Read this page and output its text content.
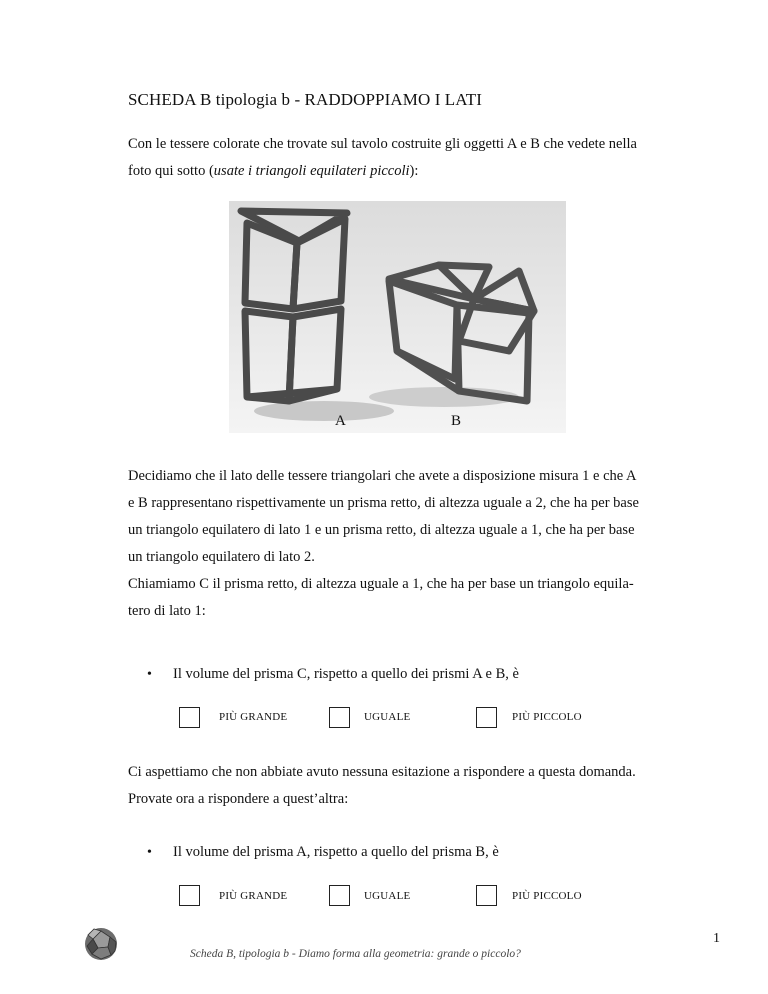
SCHEDA B tipologia b - RADDOPPIAMO I LATI
Con le tessere colorate che trovate sul tavolo costruite gli oggetti A e B che vedete nella
foto qui sotto (usate i triangoli equilateri piccoli):
A	B
Decidiamo che il lato delle tessere triangolari che avete a disposizione misura 1 e che A
e B rappresentano rispettivamente un prisma retto, di altezza uguale a 2, che ha per base
un triangolo equilatero di lato 1 e un prisma retto, di altezza uguale a 1, che ha per base
un triangolo equilatero di lato 2.
Chiamiamo C il prisma retto, di altezza uguale a 1, che ha per base un triangolo equila-
tero di lato 1:
• Il volume del prisma C, rispetto a quello dei prismi A e B, è
PIÙ GRANDE	UGUALE	PIÙ PICCOLO
Ci aspettiamo che non abbiate avuto nessuna esitazione a rispondere a questa domanda.
Provate ora a rispondere a quest’altra:
• Il volume del prisma A, rispetto a quello del prisma B, è
PIÙ GRANDE	UGUALE	PIÙ PICCOLO
Scheda B, tipologia b - Diamo forma alla geometria: grande o piccolo?
1
